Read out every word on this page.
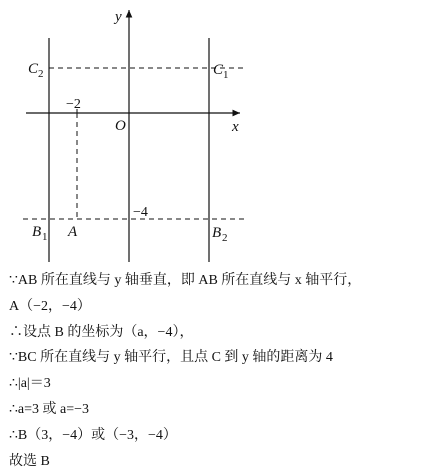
y
x
O
C 2	C 1
−2
−4
B 1 A	B 2
∵AB 所在直线与 y 轴垂直，即 AB 所在直线与 x 轴平行，
A（−2，−4）
∴设点 B 的坐标为（a，−4），
∵BC 所在直线与 y 轴平行，且点 C 到 y 轴的距离为 4
∴|a|＝3
∴a=3 或 a=−3
∴B（3，−4）或（−3，−4）
故选 B
